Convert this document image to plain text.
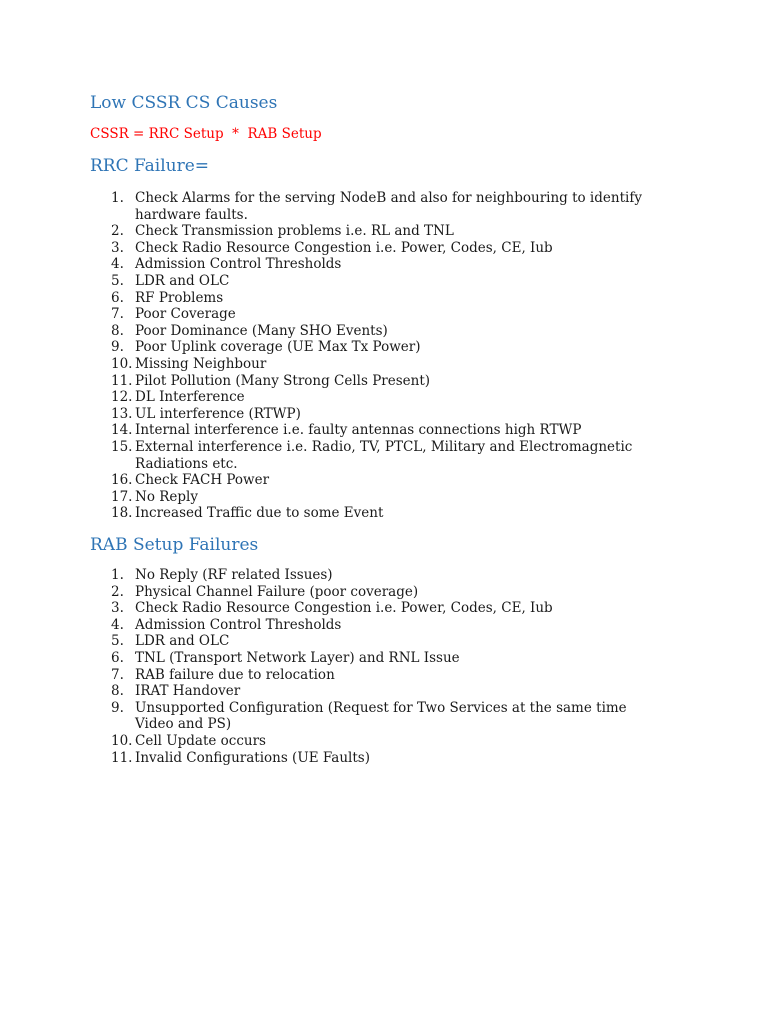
Low CSSR CS Causes

CSSR = RRC Setup  *  RAB Setup

RRC Failure=
1. Check Alarms for the serving NodeB and also for neighbouring to identify hardware faults.
2. Check Transmission problems i.e. RL and TNL
3. Check Radio Resource Congestion i.e. Power, Codes, CE, Iub
4. Admission Control Thresholds
5. LDR and OLC
6. RF Problems
7. Poor Coverage
8. Poor Dominance (Many SHO Events)
9. Poor Uplink coverage (UE Max Tx Power)
10. Missing Neighbour
11. Pilot Pollution (Many Strong Cells Present)
12. DL Interference
13. UL interference (RTWP)
14. Internal interference i.e. faulty antennas connections high RTWP
15. External interference i.e. Radio, TV, PTCL, Military and Electromagnetic Radiations etc.
16. Check FACH Power
17. No Reply
18. Increased Traffic due to some Event
RAB Setup Failures
1. No Reply (RF related Issues)
2. Physical Channel Failure (poor coverage)
3. Check Radio Resource Congestion i.e. Power, Codes, CE, Iub
4. Admission Control Thresholds
5. LDR and OLC
6. TNL (Transport Network Layer) and RNL Issue
7. RAB failure due to relocation
8. IRAT Handover
9. Unsupported Configuration (Request for Two Services at the same time Video and PS)
10. Cell Update occurs
11. Invalid Configurations (UE Faults)
